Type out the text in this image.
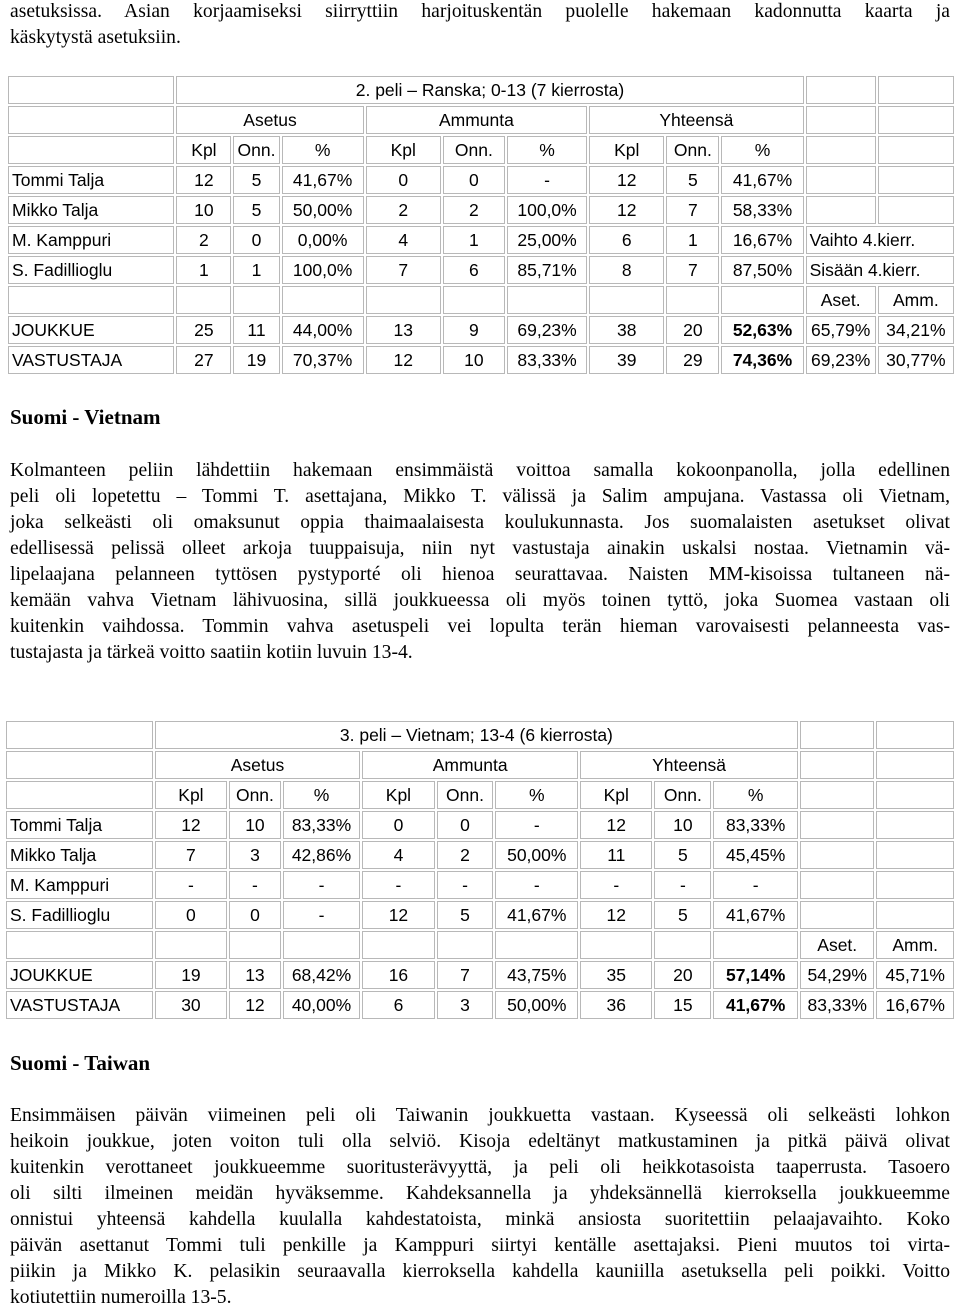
asetuksissa. Asian korjaamiseksi siirryttiin harjoituskentän puolelle hakemaan kadonnutta kaarta ja
käskytystä asetuksiin.
	2. peli – Ranska; 0-13 (7 kierrosta)										
	Asetus			Ammunta			Yhteensä				
	Kpl	Onn.	%	Kpl	Onn.	%	Kpl	Onn.	%		
Tommi Talja	12	5	41,67%	0	0	-	12	5	41,67%		
Mikko Talja	10	5	50,00%	2	2	100,0%	12	7	58,33%		
M. Kamppuri	2	0	0,00%	4	1	25,00%	6	1	16,67%	Vaihto 4.kierr.	
S. Fadillioglu	1	1	100,0%	7	6	85,71%	8	7	87,50%	Sisään 4.kierr.	
										Aset.	Amm.
JOUKKUE	25	11	44,00%	13	9	69,23%	38	20	52,63%	65,79%	34,21%
VASTUSTAJA	27	19	70,37%	12	10	83,33%	39	29	74,36%	69,23%	30,77%
Suomi - Vietnam
Kolmanteen peliin lähdettiin hakemaan ensimmäistä voittoa samalla kokoonpanolla, jolla edellinen
peli oli lopetettu – Tommi T. asettajana, Mikko T. välissä ja Salim ampujana. Vastassa oli Vietnam,
joka selkeästi oli omaksunut oppia thaimaalaisesta koulukunnasta. Jos suomalaisten asetukset olivat
edellisessä pelissä olleet arkoja tuuppaisuja, niin nyt vastustaja ainakin uskalsi nostaa. Vietnamin vä-
lipelaajana pelanneen tyttösen pystyporté oli hienoa seurattavaa. Naisten MM-kisoissa tultaneen nä-
kemään vahva Vietnam lähivuosina, sillä joukkueessa oli myös toinen tyttö, joka Suomea vastaan oli
kuitenkin vaihdossa. Tommin vahva asetuspeli vei lopulta terän hieman varovaisesti pelanneesta vas-
tustajasta ja tärkeä voitto saatiin kotiin luvuin 13-4.
	3. peli – Vietnam; 13-4 (6 kierrosta)										
	Asetus			Ammunta			Yhteensä				
	Kpl	Onn.	%	Kpl	Onn.	%	Kpl	Onn.	%		
Tommi Talja	12	10	83,33%	0	0	-	12	10	83,33%		
Mikko Talja	7	3	42,86%	4	2	50,00%	11	5	45,45%		
M. Kamppuri	-	-	-	-	-	-	-	-	-		
S. Fadillioglu	0	0	-	12	5	41,67%	12	5	41,67%		
										Aset.	Amm.
JOUKKUE	19	13	68,42%	16	7	43,75%	35	20	57,14%	54,29%	45,71%
VASTUSTAJA	30	12	40,00%	6	3	50,00%	36	15	41,67%	83,33%	16,67%
Suomi - Taiwan
Ensimmäisen päivän viimeinen peli oli Taiwanin joukkuetta vastaan. Kyseessä oli selkeästi lohkon
heikoin joukkue, joten voiton tuli olla selviö. Kisoja edeltänyt matkustaminen ja pitkä päivä olivat
kuitenkin verottaneet joukkueemme suoritusterävyyttä, ja peli oli heikkotasoista taaperrusta. Tasoero
oli silti ilmeinen meidän hyväksemme. Kahdeksannella ja yhdeksännellä kierroksella joukkueemme
onnistui yhteensä kahdella kuulalla kahdestatoista, minkä ansiosta suoritettiin pelaajavaihto. Koko
päivän asettanut Tommi tuli penkille ja Kamppuri siirtyi kentälle asettajaksi. Pieni muutos toi virta-
piikin ja Mikko K. pelasikin seuraavalla kierroksella kahdella kauniilla asetuksella peli poikki. Voitto
kotiutettiin numeroilla 13-5.
